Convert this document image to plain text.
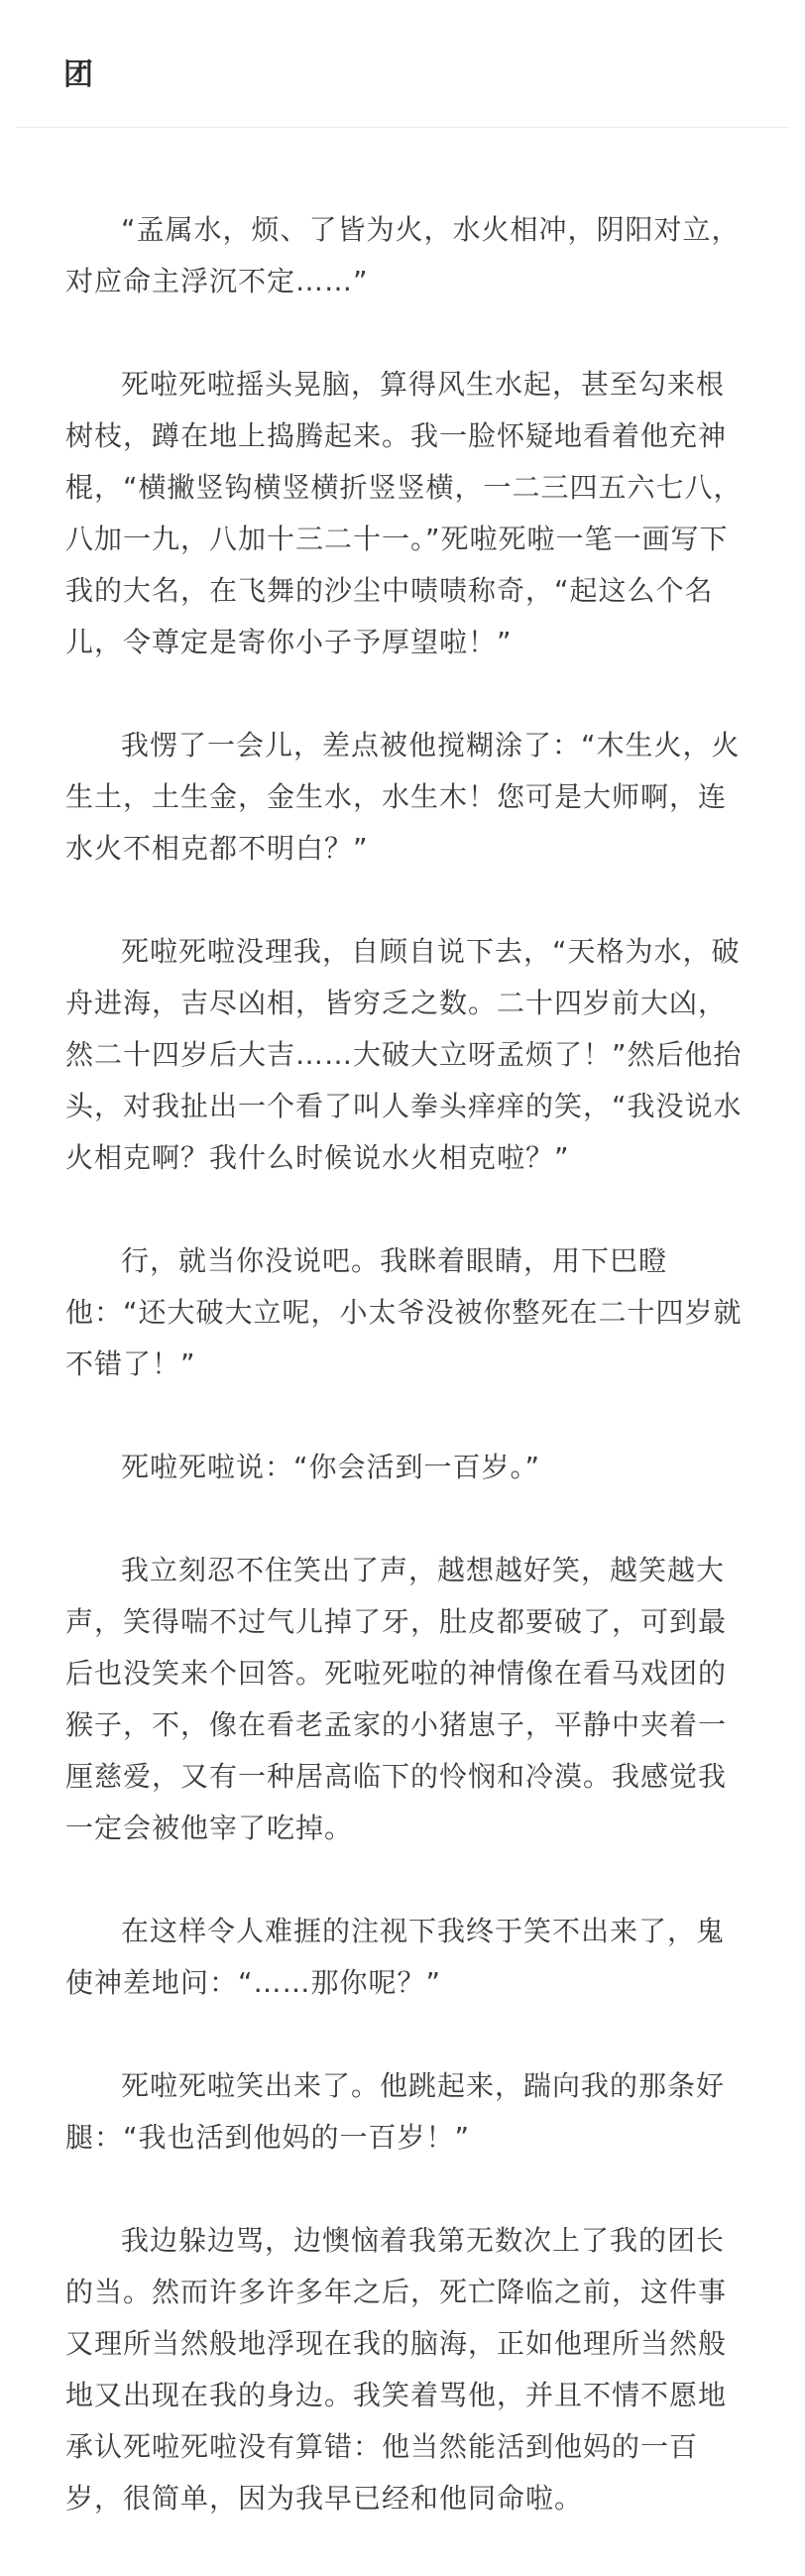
团

“孟属水，烦、了皆为火，水火相冲，阴阳对立，对应命主浮沉不定……”

死啦死啦摇头晃脑，算得风生水起，甚至勾来根树枝，蹲在地上捣腾起来。我一脸怀疑地看着他充神棍，“横撇竖钩横竖横折竖竖横，一二三四五六七八，八加一九，八加十三二十一。”死啦死啦一笔一画写下我的大名，在飞舞的沙尘中啧啧称奇，“起这么个名儿，令尊定是寄你小子予厚望啦！”

我愣了一会儿，差点被他搅糊涂了：“木生火，火生土，土生金，金生水，水生木！您可是大师啊，连水火不相克都不明白？”

死啦死啦没理我，自顾自说下去，“天格为水，破舟进海，吉尽凶相，皆穷乏之数。二十四岁前大凶，然二十四岁后大吉……大破大立呀孟烦了！”然后他抬头，对我扯出一个看了叫人拳头痒痒的笑，“我没说水火相克啊？我什么时候说水火相克啦？”

行，就当你没说吧。我眯着眼睛，用下巴瞪他：“还大破大立呢，小太爷没被你整死在二十四岁就不错了！”

死啦死啦说：“你会活到一百岁。”

我立刻忍不住笑出了声，越想越好笑，越笑越大声，笑得喘不过气儿掉了牙，肚皮都要破了，可到最后也没笑来个回答。死啦死啦的神情像在看马戏团的猴子，不，像在看老孟家的小猪崽子，平静中夹着一厘慈爱，又有一种居高临下的怜悯和冷漠。我感觉我一定会被他宰了吃掉。

在这样令人难捱的注视下我终于笑不出来了，鬼使神差地问：“……那你呢？”

死啦死啦笑出来了。他跳起来，踹向我的那条好腿：“我也活到他妈的一百岁！”

我边躲边骂，边懊恼着我第无数次上了我的团长的当。然而许多许多年之后，死亡降临之前，这件事又理所当然般地浮现在我的脑海，正如他理所当然般地又出现在我的身边。我笑着骂他，并且不情不愿地承认死啦死啦没有算错：他当然能活到他妈的一百岁，很简单，因为我早已经和他同命啦。
